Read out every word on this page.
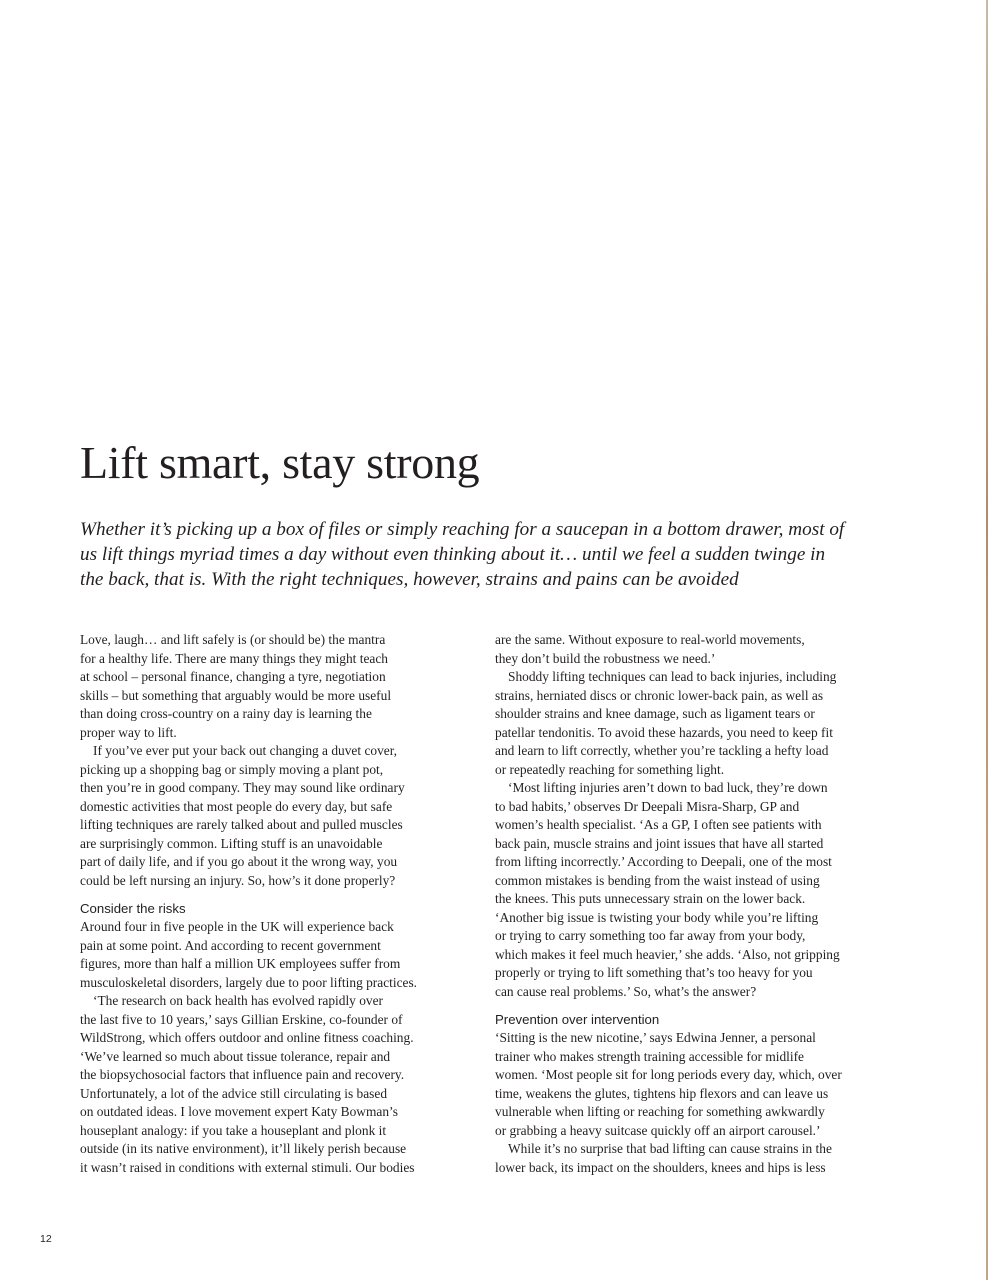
Lift smart, stay strong
Whether it’s picking up a box of files or simply reaching for a saucepan in a bottom drawer, most of
us lift things myriad times a day without even thinking about it… until we feel a sudden twinge in
the back, that is. With the right techniques, however, strains and pains can be avoided
Love, laugh… and lift safely is (or should be) the mantra
for a healthy life. There are many things they might teach
at school – personal finance, changing a tyre, negotiation
skills – but something that arguably would be more useful
than doing cross-country on a rainy day is learning the
proper way to lift.
If you’ve ever put your back out changing a duvet cover,
picking up a shopping bag or simply moving a plant pot,
then you’re in good company. They may sound like ordinary
domestic activities that most people do every day, but safe
lifting techniques are rarely talked about and pulled muscles
are surprisingly common. Lifting stuff is an unavoidable
part of daily life, and if you go about it the wrong way, you
could be left nursing an injury. So, how’s it done properly?
Consider the risks
Around four in five people in the UK will experience back
pain at some point. And according to recent government
figures, more than half a million UK employees suffer from
musculoskeletal disorders, largely due to poor lifting practices.
‘The research on back health has evolved rapidly over
the last five to 10 years,’ says Gillian Erskine, co-founder of
WildStrong, which offers outdoor and online fitness coaching.
‘We’ve learned so much about tissue tolerance, repair and
the biopsychosocial factors that influence pain and recovery.
Unfortunately, a lot of the advice still circulating is based
on outdated ideas. I love movement expert Katy Bowman’s
houseplant analogy: if you take a houseplant and plonk it
outside (in its native environment), it’ll likely perish because
it wasn’t raised in conditions with external stimuli. Our bodies
are the same. Without exposure to real-world movements,
they don’t build the robustness we need.’
Shoddy lifting techniques can lead to back injuries, including
strains, herniated discs or chronic lower-back pain, as well as
shoulder strains and knee damage, such as ligament tears or
patellar tendonitis. To avoid these hazards, you need to keep fit
and learn to lift correctly, whether you’re tackling a hefty load
or repeatedly reaching for something light.
‘Most lifting injuries aren’t down to bad luck, they’re down
to bad habits,’ observes Dr Deepali Misra-Sharp, GP and
women’s health specialist. ‘As a GP, I often see patients with
back pain, muscle strains and joint issues that have all started
from lifting incorrectly.’ According to Deepali, one of the most
common mistakes is bending from the waist instead of using
the knees. This puts unnecessary strain on the lower back.
‘Another big issue is twisting your body while you’re lifting
or trying to carry something too far away from your body,
which makes it feel much heavier,’ she adds. ‘Also, not gripping
properly or trying to lift something that’s too heavy for you
can cause real problems.’ So, what’s the answer?
Prevention over intervention
‘Sitting is the new nicotine,’ says Edwina Jenner, a personal
trainer who makes strength training accessible for midlife
women. ‘Most people sit for long periods every day, which, over
time, weakens the glutes, tightens hip flexors and can leave us
vulnerable when lifting or reaching for something awkwardly
or grabbing a heavy suitcase quickly off an airport carousel.’
While it’s no surprise that bad lifting can cause strains in the
lower back, its impact on the shoulders, knees and hips is less
12
